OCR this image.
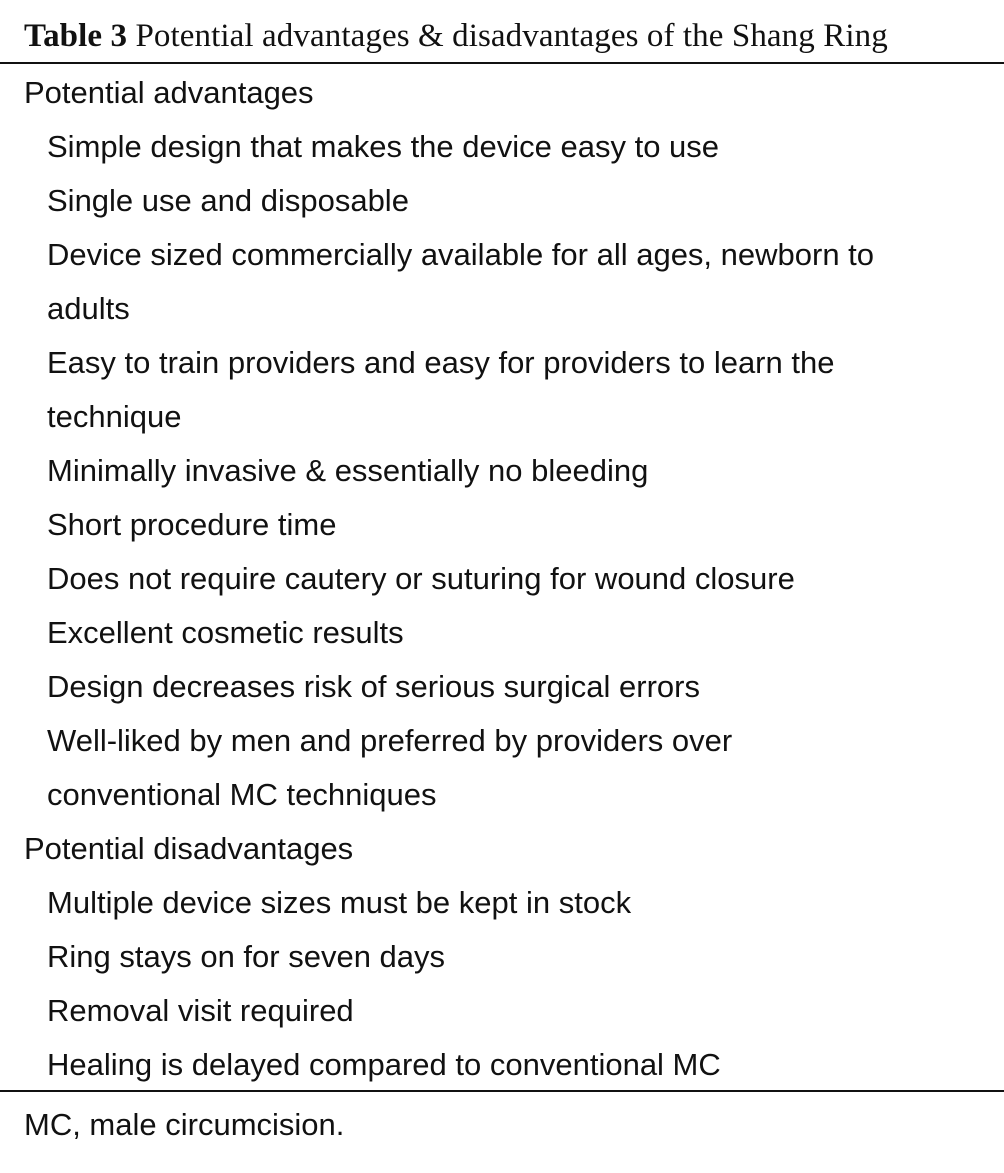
Table 3 Potential advantages & disadvantages of the Shang Ring
Potential advantages
Simple design that makes the device easy to use
Single use and disposable
Device sized commercially available for all ages, newborn to
adults
Easy to train providers and easy for providers to learn the
technique
Minimally invasive & essentially no bleeding
Short procedure time
Does not require cautery or suturing for wound closure
Excellent cosmetic results
Design decreases risk of serious surgical errors
Well-liked by men and preferred by providers over
conventional MC techniques
Potential disadvantages
Multiple device sizes must be kept in stock
Ring stays on for seven days
Removal visit required
Healing is delayed compared to conventional MC
MC, male circumcision.
